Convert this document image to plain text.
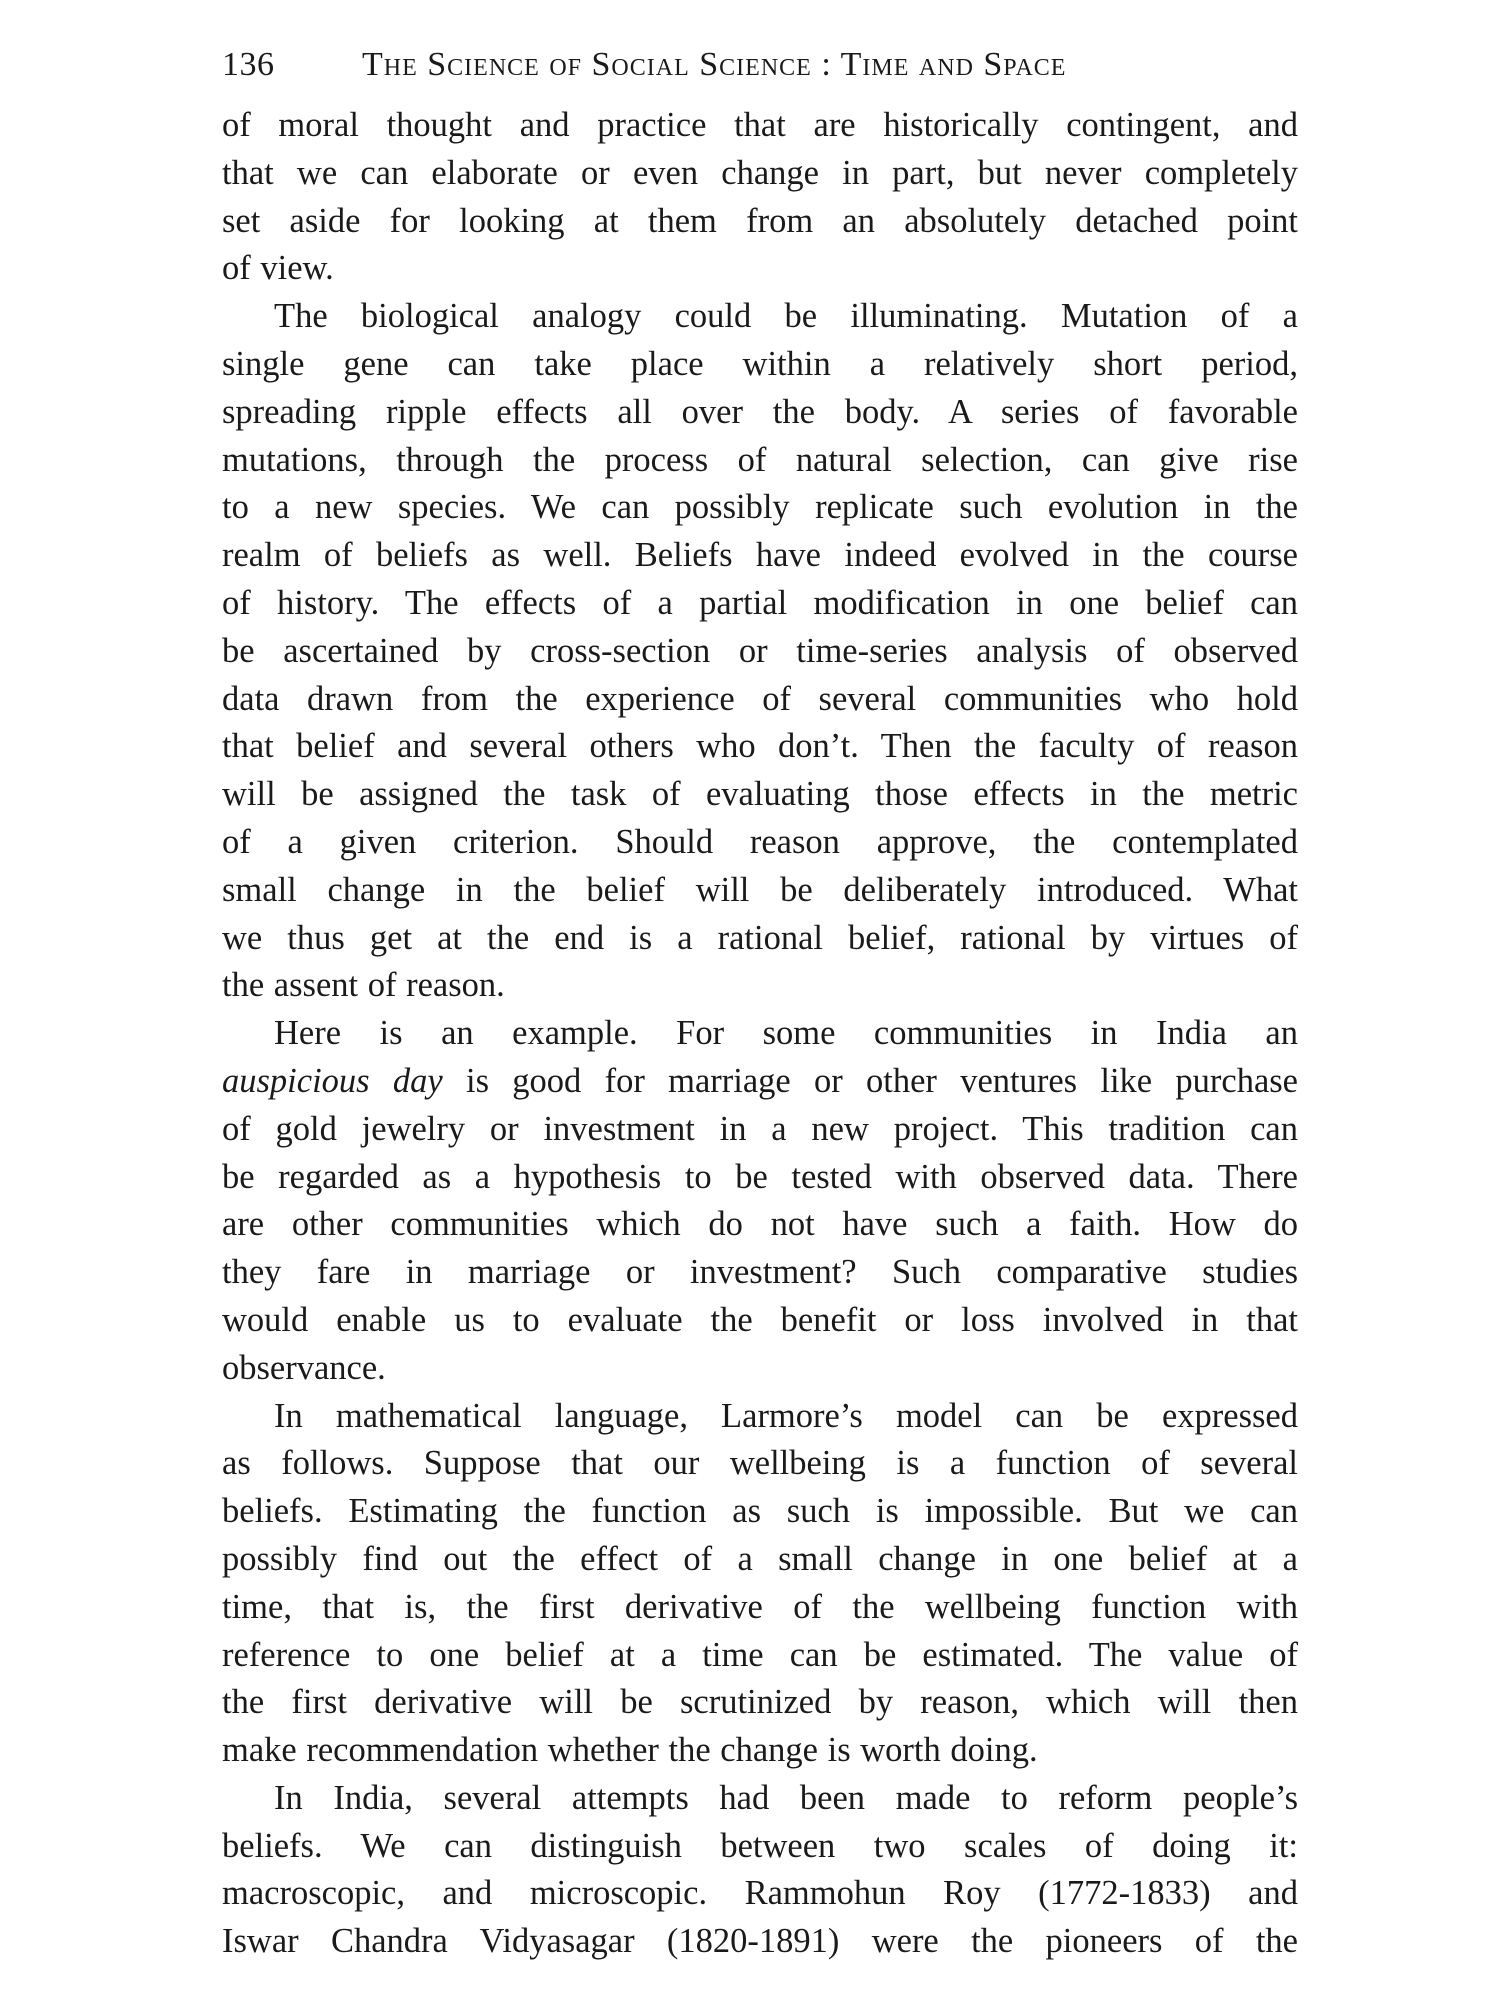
136	The Science of Social Science : Time and Space
of moral thought and practice that are historically contingent, and
that we can elaborate or even change in part, but never completely
set aside for looking at them from an absolutely detached point
of view.
The biological analogy could be illuminating. Mutation of a
single gene can take place within a relatively short period,
spreading ripple effects all over the body. A series of favorable
mutations, through the process of natural selection, can give rise
to a new species. We can possibly replicate such evolution in the
realm of beliefs as well. Beliefs have indeed evolved in the course
of history. The effects of a partial modification in one belief can
be ascertained by cross-section or time-series analysis of observed
data drawn from the experience of several communities who hold
that belief and several others who don’t. Then the faculty of reason
will be assigned the task of evaluating those effects in the metric
of a given criterion. Should reason approve, the contemplated
small change in the belief will be deliberately introduced. What
we thus get at the end is a rational belief, rational by virtues of
the assent of reason.
Here is an example. For some communities in India an
auspicious day is good for marriage or other ventures like purchase
of gold jewelry or investment in a new project. This tradition can
be regarded as a hypothesis to be tested with observed data. There
are other communities which do not have such a faith. How do
they fare in marriage or investment? Such comparative studies
would enable us to evaluate the benefit or loss involved in that
observance.
In mathematical language, Larmore’s model can be expressed
as follows. Suppose that our wellbeing is a function of several
beliefs. Estimating the function as such is impossible. But we can
possibly find out the effect of a small change in one belief at a
time, that is, the first derivative of the wellbeing function with
reference to one belief at a time can be estimated. The value of
the first derivative will be scrutinized by reason, which will then
make recommendation whether the change is worth doing.
In India, several attempts had been made to reform people’s
beliefs. We can distinguish between two scales of doing it:
macroscopic, and microscopic. Rammohun Roy (1772-1833) and
Iswar Chandra Vidyasagar (1820-1891) were the pioneers of the
